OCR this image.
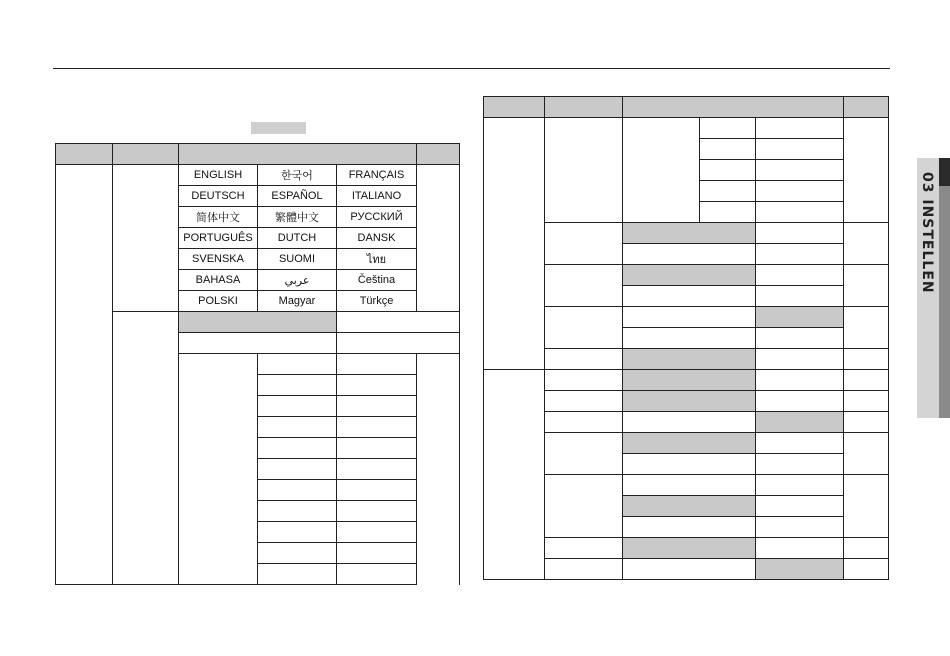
		ENGLISH	한국어	FRANÇAIS		
		DEUTSCH	ESPAÑOL	ITALIANO		
		简体中文	繁體中文	РУССКИЙ		
		PORTUGUÊS	DUTCH	DANSK		
		SVENSKA	SUOMI	ไทย		
		BAHASA	عربي	Čeština		
		POLSKI	Magyar	Türkçe		

03 INSTELLEN
